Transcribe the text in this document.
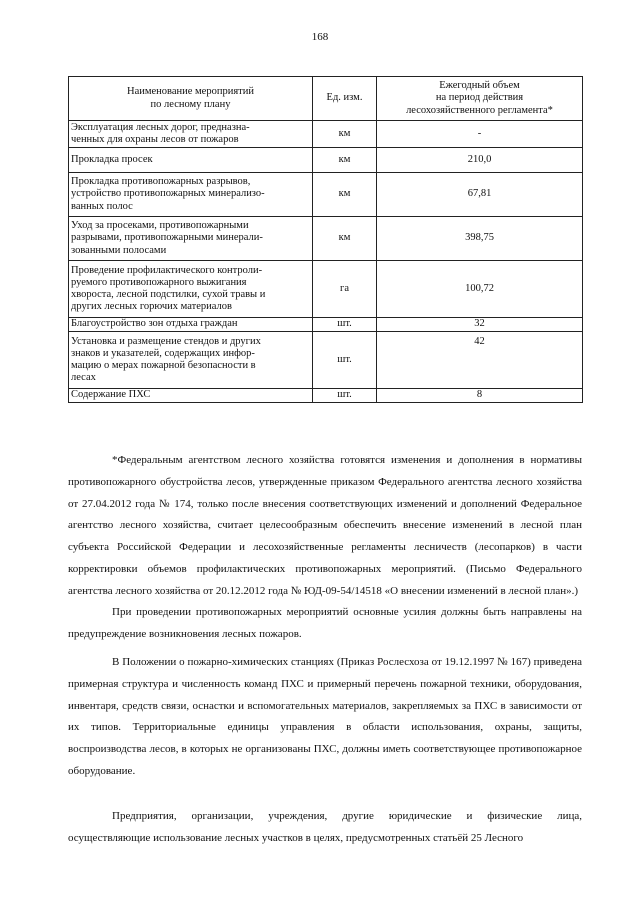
168
Наименование мероприятий
по лесному плану	Ед. изм.	Ежегодный объем
на период действия
лесохозяйственного регламента*
Эксплуатация лесных дорог, предназна-
ченных для охраны лесов от пожаров	км	-
Прокладка просек	км	210,0
Прокладка противопожарных разрывов,
устройство противопожарных минерализо-
ванных полос	км	67,81
Уход за просеками, противопожарными
разрывами, противопожарными минерали-
зованными полосами	км	398,75
Проведение профилактического контроли-
руемого противопожарного выжигания
хвороста, лесной подстилки, сухой травы и
других лесных горючих материалов	га	100,72
Благоустройство зон отдыха граждан	шт.	32
Установка и размещение стендов и других
знаков и указателей, содержащих инфор-
мацию о мерах пожарной безопасности в
лесах	шт.	42
Содержание ПХС	шт.	8

*Федеральным агентством лесного хозяйства готовятся изменения и дополнения в нормативы противопожарного обустройства лесов, утвержденные приказом Федерального агентства лесного хозяйства от 27.04.2012 года № 174, только после внесения соответствующих изменений и дополнений Федеральное агентство лесного хозяйства, считает целесообразным обеспечить внесение изменений в лесной план субъекта Российской Федерации и лесохозяйственные регламенты лесничеств (лесопарков) в части корректировки объемов профилактических противопожарных мероприятий. (Письмо Федерального агентства лесного хозяйства от 20.12.2012 года № ЮД-09-54/14518 «О внесении изменений в лесной план».)

При проведении противопожарных мероприятий основные усилия должны быть направлены на предупреждение возникновения лесных пожаров.

В Положении о пожарно-химических станциях (Приказ Рослесхоза от 19.12.1997 № 167) приведена примерная структура и численность команд ПХС и примерный перечень пожарной техники, оборудования, инвентаря, средств связи, оснастки и вспомогательных материалов, закрепляемых за ПХС в зависимости от их типов. Территориальные единицы управления в области использования, охраны, защиты, воспроизводства лесов, в которых не организованы ПХС, должны иметь соответствующее противопожарное оборудование.

Предприятия, организации, учреждения, другие юридические и физические лица, осуществляющие использование лесных участков в целях, предусмотренных статьёй 25 Лесного
